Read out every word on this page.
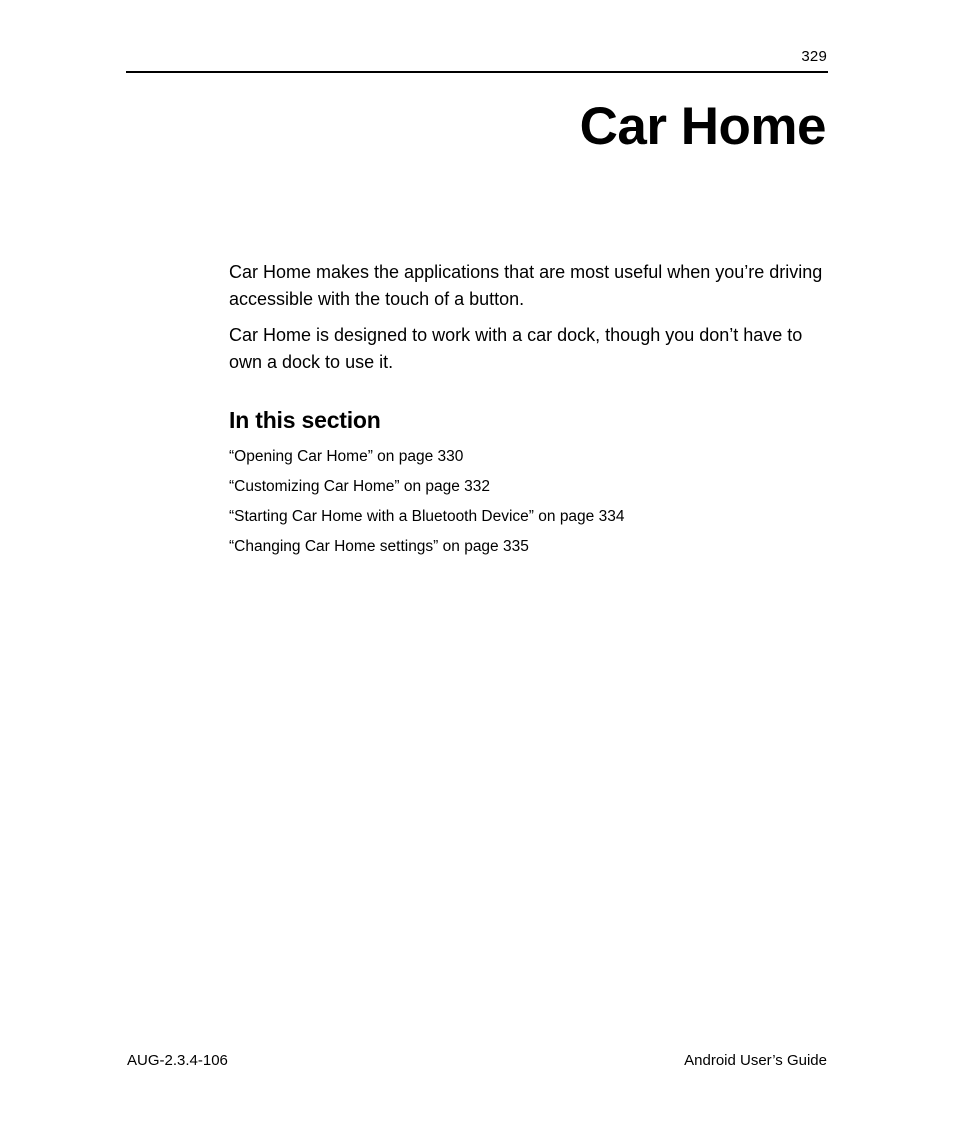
329
Car Home

Car Home makes the applications that are most useful when you’re driving accessible with the touch of a button.

Car Home is designed to work with a car dock, though you don’t have to own a dock to use it.

In this section
“Opening Car Home” on page 330
“Customizing Car Home” on page 332
“Starting Car Home with a Bluetooth Device” on page 334
“Changing Car Home settings” on page 335
AUG-2.3.4-106	Android User’s Guide
